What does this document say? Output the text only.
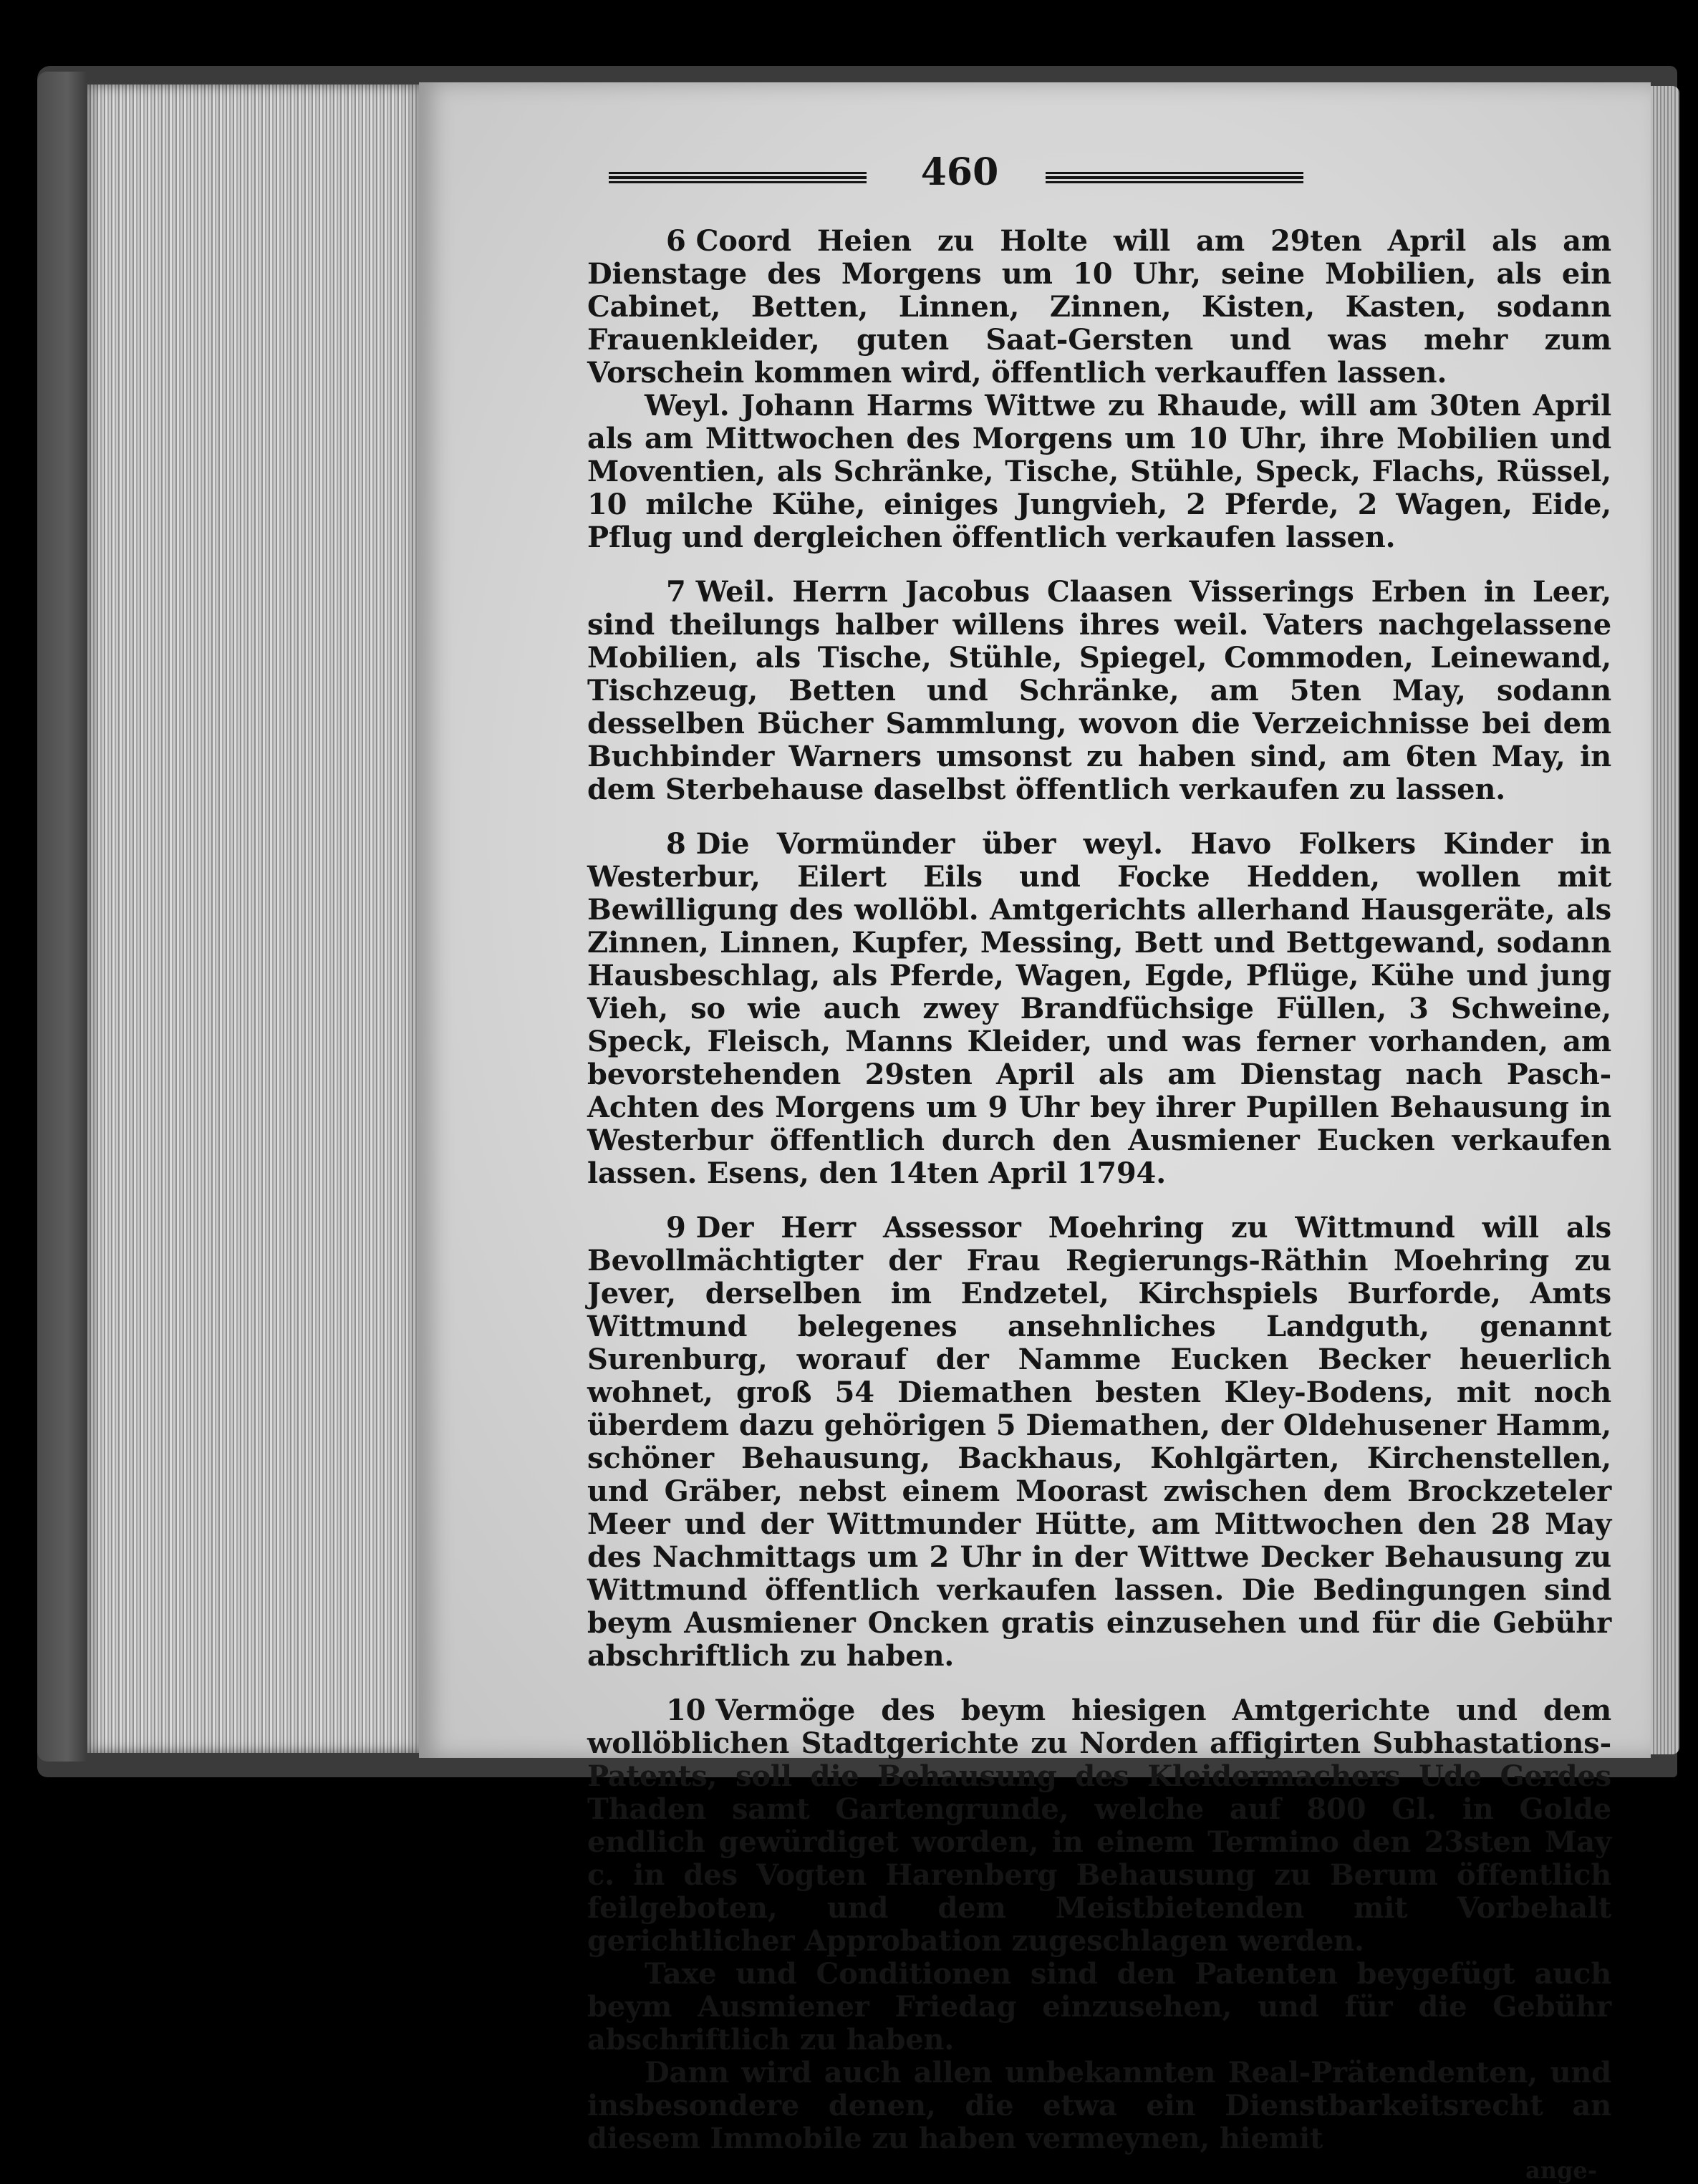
460

6 Coord Heien zu Holte will am 29ten April als am Dienstage des Morgens um 10 Uhr, seine Mobilien, als ein Cabinet, Betten, Linnen, Zinnen, Kisten, Kasten, sodann Frauenkleider, guten Saat-Gersten und was mehr zum Vorschein kommen wird, öffentlich verkauffen lassen.

Weyl. Johann Harms Wittwe zu Rhaude, will am 30ten April als am Mittwochen des Morgens um 10 Uhr, ihre Mobilien und Moventien, als Schränke, Tische, Stühle, Speck, Flachs, Rüssel, 10 milche Kühe, einiges Jungvieh, 2 Pferde, 2 Wagen, Eide, Pflug und dergleichen öffentlich verkaufen lassen.

7 Weil. Herrn Jacobus Claasen Visserings Erben in Leer, sind theilungs halber willens ihres weil. Vaters nachgelassene Mobilien, als Tische, Stühle, Spiegel, Commoden, Leinewand, Tischzeug, Betten und Schränke, am 5ten May, sodann desselben Bücher Sammlung, wovon die Verzeichnisse bei dem Buchbinder Warners umsonst zu haben sind, am 6ten May, in dem Sterbehause daselbst öffentlich verkaufen zu lassen.

8 Die Vormünder über weyl. Havo Folkers Kinder in Westerbur, Eilert Eils und Focke Hedden, wollen mit Bewilligung des wollöbl. Amtgerichts allerhand Hausgeräte, als Zinnen, Linnen, Kupfer, Messing, Bett und Bettgewand, sodann Hausbeschlag, als Pferde, Wagen, Egde, Pflüge, Kühe und jung Vieh, so wie auch zwey Brandfüchsige Füllen, 3 Schweine, Speck, Fleisch, Manns Kleider, und was ferner vorhanden, am bevorstehenden 29sten April als am Dienstag nach Pasch-Achten des Morgens um 9 Uhr bey ihrer Pupillen Behausung in Westerbur öffentlich durch den Ausmiener Eucken verkaufen lassen. Esens, den 14ten April 1794.

9 Der Herr Assessor Moehring zu Wittmund will als Bevollmächtigter der Frau Regierungs-Räthin Moehring zu Jever, derselben im Endzetel, Kirchspiels Burforde, Amts Wittmund belegenes ansehnliches Landguth, genannt Surenburg, worauf der Namme Eucken Becker heuerlich wohnet, groß 54 Diemathen besten Kley-Bodens, mit noch überdem dazu gehörigen 5 Diemathen, der Oldehusener Hamm, schöner Behausung, Backhaus, Kohlgärten, Kirchenstellen, und Gräber, nebst einem Moorast zwischen dem Brockzeteler Meer und der Wittmunder Hütte, am Mittwochen den 28 May des Nachmittags um 2 Uhr in der Wittwe Decker Behausung zu Wittmund öffentlich verkaufen lassen. Die Bedingungen sind beym Ausmiener Oncken gratis einzusehen und für die Gebühr abschriftlich zu haben.

10 Vermöge des beym hiesigen Amtgerichte und dem wollöblichen Stadtgerichte zu Norden affigirten Subhastations-Patents, soll die Behausung des Kleidermachers Ude Gerdes Thaden samt Gartengrunde, welche auf 800 Gl. in Golde endlich gewürdiget worden, in einem Termino den 23sten May c. in des Vogten Harenberg Behausung zu Berum öffentlich feilgeboten, und dem Meistbietenden mit Vorbehalt gerichtlicher Approbation zugeschlagen werden.

Taxe und Conditionen sind den Patenten beygefügt auch beym Ausmiener Friedag einzusehen, und für die Gebühr abschriftlich zu haben.

Dann wird auch allen unbekannten Real-Prätendenten, und insbesondere denen, die etwa ein Dienstbarkeitsrecht an diesem Immobile zu haben vermeynen, hiemit

ange-
